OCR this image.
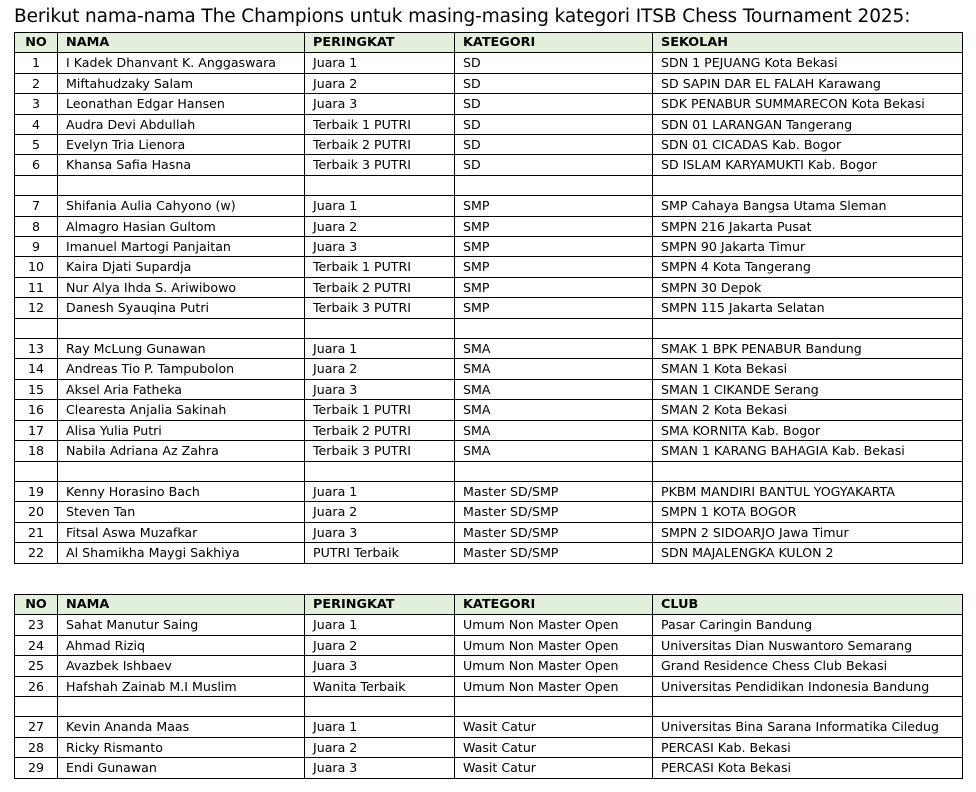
Berikut nama-nama The Champions untuk masing-masing kategori ITSB Chess Tournament 2025:
NO	NAMA	PERINGKAT	KATEGORI	SEKOLAH
1	I Kadek Dhanvant K. Anggaswara	Juara 1	SD	SDN 1 PEJUANG Kota Bekasi
2	Miftahudzaky Salam	Juara 2	SD	SD SAPIN DAR EL FALAH Karawang
3	Leonathan Edgar Hansen	Juara 3	SD	SDK PENABUR SUMMARECON Kota Bekasi
4	Audra Devi Abdullah	Terbaik 1 PUTRI	SD	SDN 01 LARANGAN Tangerang
5	Evelyn Tria Lienora	Terbaik 2 PUTRI	SD	SDN 01 CICADAS Kab. Bogor
6	Khansa Safia Hasna	Terbaik 3 PUTRI	SD	SD ISLAM KARYAMUKTI Kab. Bogor

7	Shifania Aulia Cahyono (w)	Juara 1	SMP	SMP Cahaya Bangsa Utama Sleman
8	Almagro Hasian Gultom	Juara 2	SMP	SMPN 216 Jakarta Pusat
9	Imanuel Martogi Panjaitan	Juara 3	SMP	SMPN 90 Jakarta Timur
10	Kaira Djati Supardja	Terbaik 1 PUTRI	SMP	SMPN 4 Kota Tangerang
11	Nur Alya Ihda S. Ariwibowo	Terbaik 2 PUTRI	SMP	SMPN 30 Depok
12	Danesh Syauqina Putri	Terbaik 3 PUTRI	SMP	SMPN 115 Jakarta Selatan

13	Ray McLung Gunawan	Juara 1	SMA	SMAK 1 BPK PENABUR Bandung
14	Andreas Tio P. Tampubolon	Juara 2	SMA	SMAN 1 Kota Bekasi
15	Aksel Aria Fatheka	Juara 3	SMA	SMAN 1 CIKANDE Serang
16	Clearesta Anjalia Sakinah	Terbaik 1 PUTRI	SMA	SMAN 2 Kota Bekasi
17	Alisa Yulia Putri	Terbaik 2 PUTRI	SMA	SMA KORNITA Kab. Bogor
18	Nabila Adriana Az Zahra	Terbaik 3 PUTRI	SMA	SMAN 1 KARANG BAHAGIA Kab. Bekasi

19	Kenny Horasino Bach	Juara 1	Master SD/SMP	PKBM MANDIRI BANTUL YOGYAKARTA
20	Steven Tan	Juara 2	Master SD/SMP	SMPN 1 KOTA BOGOR
21	Fitsal Aswa Muzafkar	Juara 3	Master SD/SMP	SMPN 2 SIDOARJO Jawa Timur
22	Al Shamikha Maygi Sakhiya	PUTRI Terbaik	Master SD/SMP	SDN MAJALENGKA KULON 2
NO	NAMA	PERINGKAT	KATEGORI	CLUB
23	Sahat Manutur Saing	Juara 1	Umum Non Master Open	Pasar Caringin Bandung
24	Ahmad Riziq	Juara 2	Umum Non Master Open	Universitas Dian Nuswantoro Semarang
25	Avazbek Ishbaev	Juara 3	Umum Non Master Open	Grand Residence Chess Club Bekasi
26	Hafshah Zainab M.I Muslim	Wanita Terbaik	Umum Non Master Open	Universitas Pendidikan Indonesia Bandung

27	Kevin Ananda Maas	Juara 1	Wasit Catur	Universitas Bina Sarana Informatika Ciledug
28	Ricky Rismanto	Juara 2	Wasit Catur	PERCASI Kab. Bekasi
29	Endi Gunawan	Juara 3	Wasit Catur	PERCASI Kota Bekasi
